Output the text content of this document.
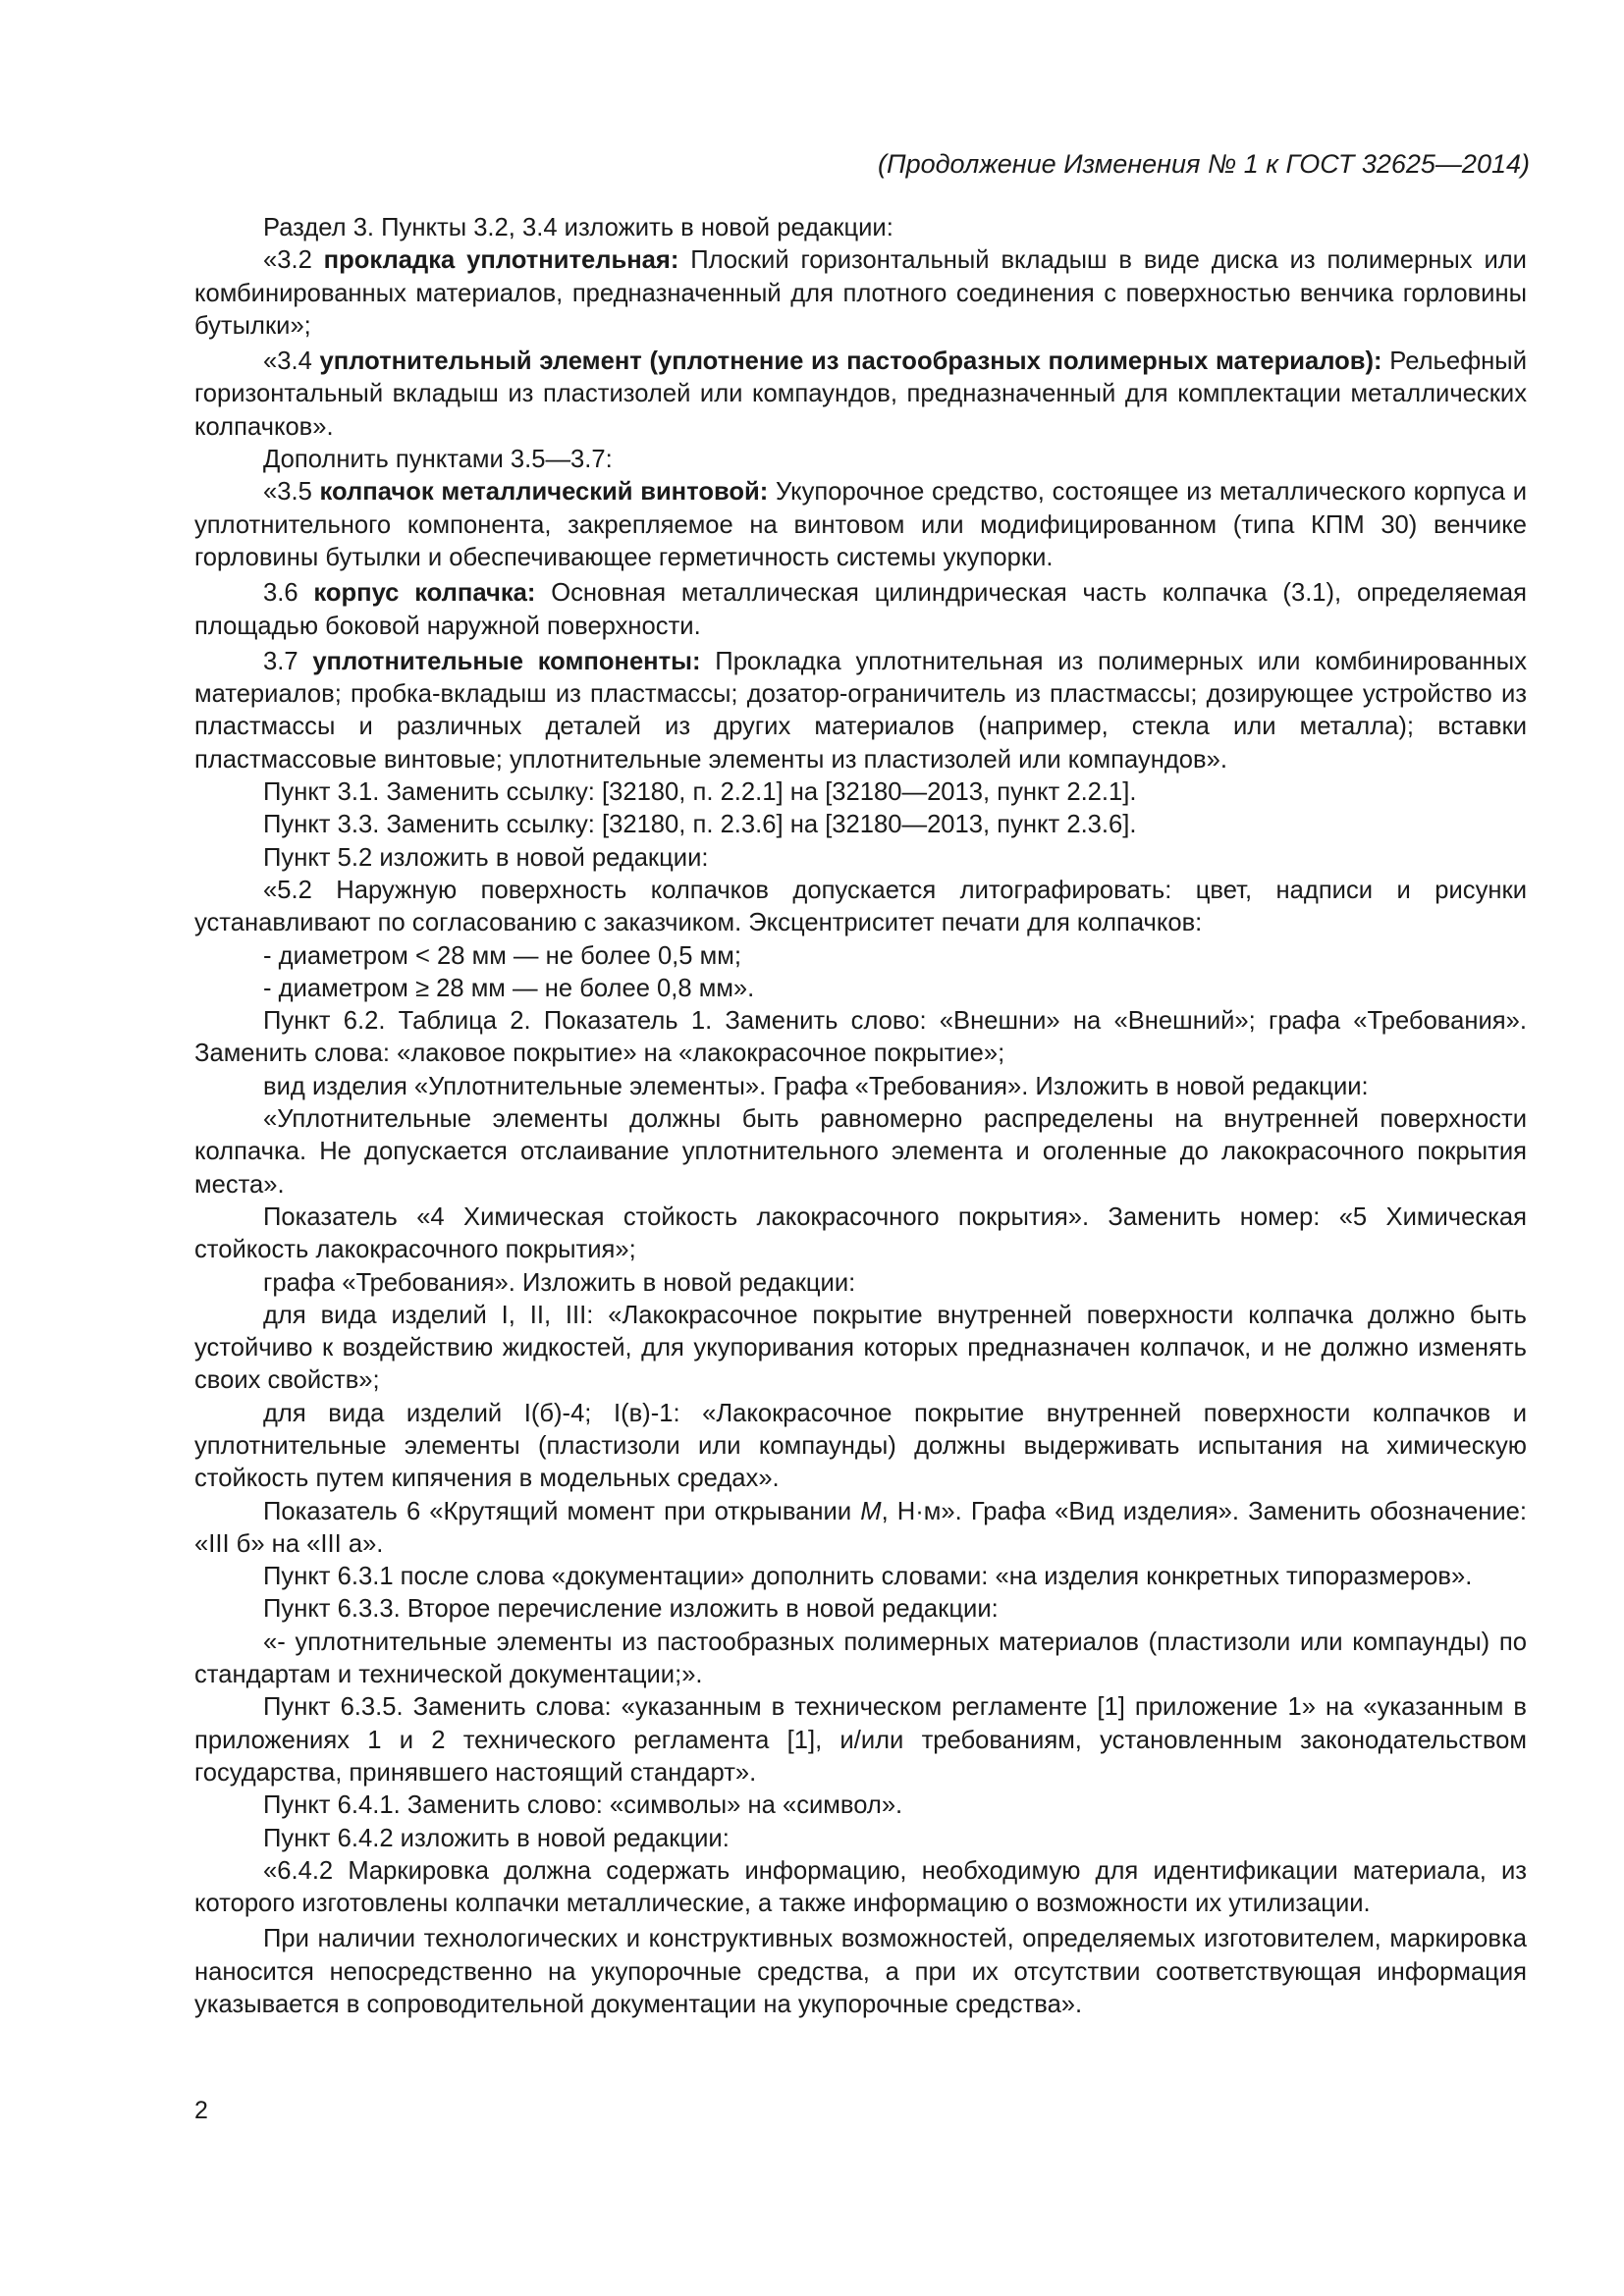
(Продолжение Изменения № 1 к ГОСТ 32625—2014)

Раздел 3. Пункты 3.2, 3.4 изложить в новой редакции:

«3.2 прокладка уплотнительная: Плоский горизонтальный вкладыш в виде диска из полимерных или комбинированных материалов, предназначенный для плотного соединения с поверхностью венчика горловины бутылки»;

«3.4 уплотнительный элемент (уплотнение из пастообразных полимерных материалов): Рельефный горизонтальный вкладыш из пластизолей или компаундов, предназначенный для комплектации металлических колпачков».

Дополнить пунктами 3.5—3.7:

«3.5 колпачок металлический винтовой: Укупорочное средство, состоящее из металлического корпуса и уплотнительного компонента, закрепляемое на винтовом или модифицированном (типа КПМ 30) венчике горловины бутылки и обеспечивающее герметичность системы укупорки.

3.6 корпус колпачка: Основная металлическая цилиндрическая часть колпачка (3.1), определяемая площадью боковой наружной поверхности.

3.7 уплотнительные компоненты: Прокладка уплотнительная из полимерных или комбинированных материалов; пробка-вкладыш из пластмассы; дозатор-ограничитель из пластмассы; дозирующее устройство из пластмассы и различных деталей из других материалов (например, стекла или металла); вставки пластмассовые винтовые; уплотнительные элементы из пластизолей или компаундов».

Пункт 3.1. Заменить ссылку: [32180, п. 2.2.1] на [32180—2013, пункт 2.2.1].

Пункт 3.3. Заменить ссылку: [32180, п. 2.3.6] на [32180—2013, пункт 2.3.6].

Пункт 5.2 изложить в новой редакции:

«5.2 Наружную поверхность колпачков допускается литографировать: цвет, надписи и рисунки устанавливают по согласованию с заказчиком. Эксцентриситет печати для колпачков:

- диаметром < 28 мм — не более 0,5 мм;

- диаметром ≥ 28 мм — не более 0,8 мм».

Пункт 6.2. Таблица 2. Показатель 1. Заменить слово: «Внешни» на «Внешний»; графа «Требования». Заменить слова: «лаковое покрытие» на «лакокрасочное покрытие»;

вид изделия «Уплотнительные элементы». Графа «Требования». Изложить в новой редакции:

«Уплотнительные элементы должны быть равномерно распределены на внутренней поверхности колпачка. Не допускается отслаивание уплотнительного элемента и оголенные до лакокрасочного покрытия места».

Показатель «4 Химическая стойкость лакокрасочного покрытия». Заменить номер: «5 Химическая стойкость лакокрасочного покрытия»;

графа «Требования». Изложить в новой редакции:

для вида изделий I, II, III: «Лакокрасочное покрытие внутренней поверхности колпачка должно быть устойчиво к воздействию жидкостей, для укупоривания которых предназначен колпачок, и не должно изменять своих свойств»;

для вида изделий I(б)-4; I(в)-1: «Лакокрасочное покрытие внутренней поверхности колпачков и уплотнительные элементы (пластизоли или компаунды) должны выдерживать испытания на химическую стойкость путем кипячения в модельных средах».

Показатель 6 «Крутящий момент при открывании М, Н·м». Графа «Вид изделия». Заменить обозначение: «III б» на «III а».

Пункт 6.3.1 после слова «документации» дополнить словами: «на изделия конкретных типоразмеров».

Пункт 6.3.3. Второе перечисление изложить в новой редакции:

«- уплотнительные элементы из пастообразных полимерных материалов (пластизоли или компаунды) по стандартам и технической документации;».

Пункт 6.3.5. Заменить слова: «указанным в техническом регламенте [1] приложение 1» на «указанным в приложениях 1 и 2 технического регламента [1], и/или требованиям, установленным законодательством государства, принявшего настоящий стандарт».

Пункт 6.4.1. Заменить слово: «символы» на «символ».

Пункт 6.4.2 изложить в новой редакции:

«6.4.2 Маркировка должна содержать информацию, необходимую для идентификации материала, из которого изготовлены колпачки металлические, а также информацию о возможности их утилизации.

При наличии технологических и конструктивных возможностей, определяемых изготовителем, маркировка наносится непосредственно на укупорочные средства, а при их отсутствии соответствующая информация указывается в сопроводительной документации на укупорочные средства».

2
